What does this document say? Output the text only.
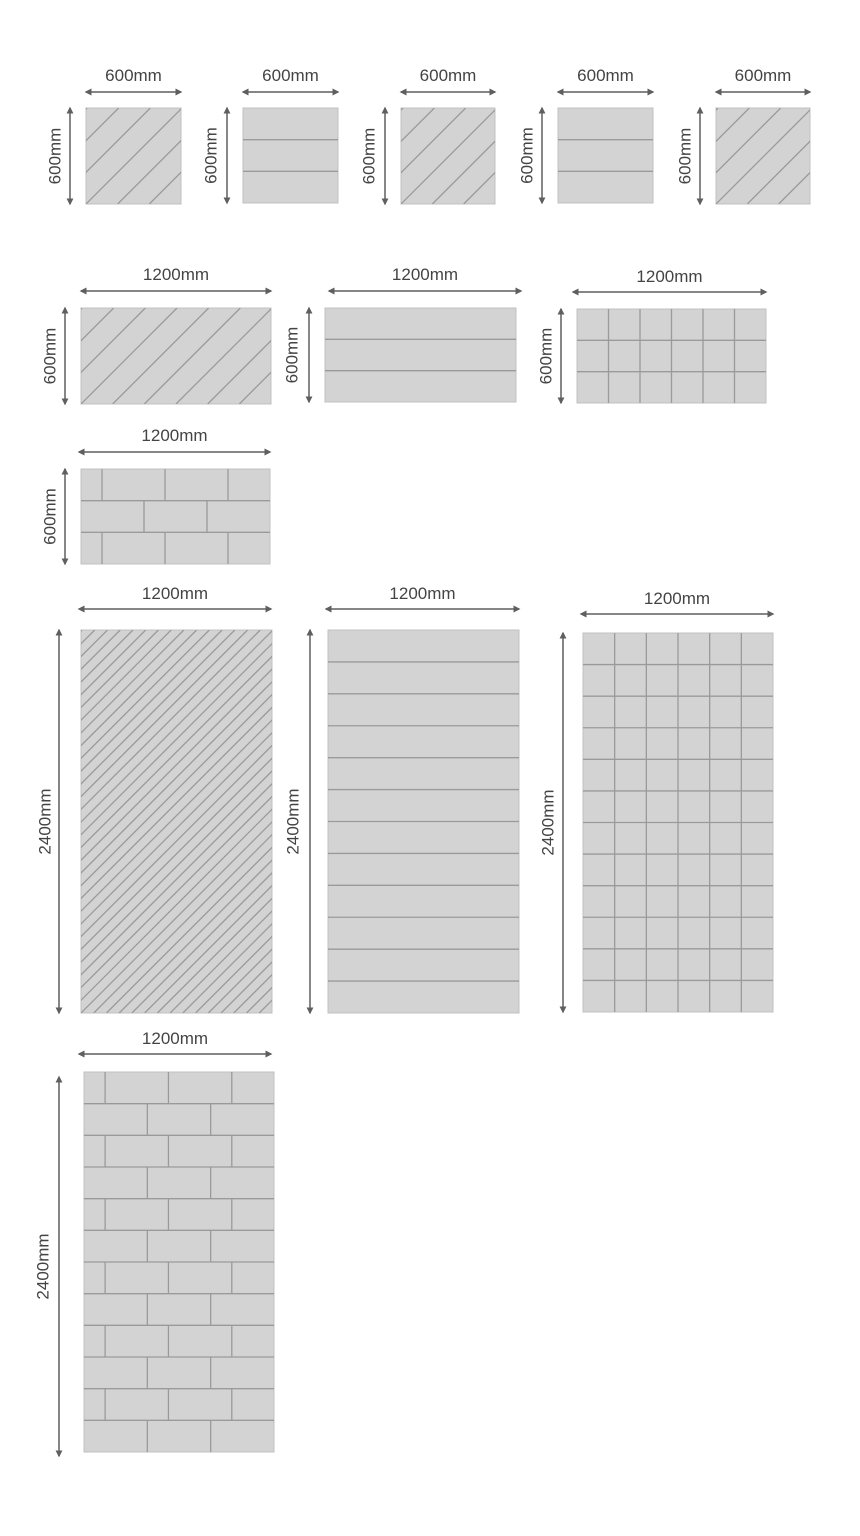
600mm
600mm
600mm
600mm
600mm
600mm
600mm
600mm
600mm
600mm
1200mm
600mm
1200mm
600mm
1200mm
600mm
1200mm
600mm
1200mm
2400mm
1200mm
2400mm
1200mm
2400mm
1200mm
2400mm
